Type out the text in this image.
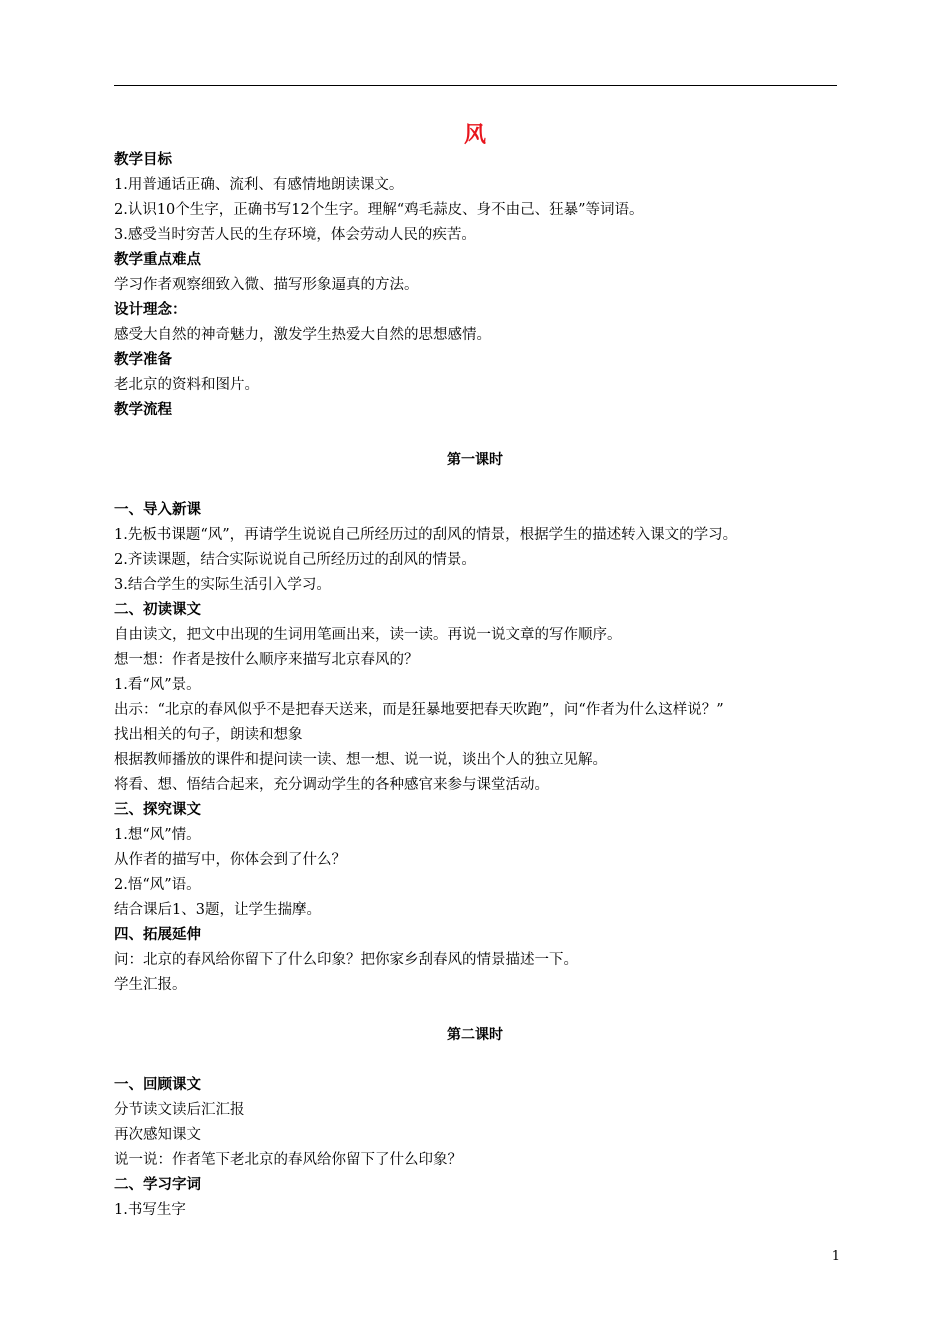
风
教学目标
1.用普通话正确、流利、有感情地朗读课文。
2.认识10个生字，正确书写12个生字。理解“鸡毛蒜皮、身不由己、狂暴”等词语。
3.感受当时穷苦人民的生存环境，体会劳动人民的疾苦。
教学重点难点
学习作者观察细致入微、描写形象逼真的方法。
设计理念：
感受大自然的神奇魅力，激发学生热爱大自然的思想感情。
教学准备
老北京的资料和图片。
教学流程
第一课时
一、导入新课
1.先板书课题“风”，再请学生说说自己所经历过的刮风的情景，根据学生的描述转入课文的学习。
2.齐读课题，结合实际说说自己所经历过的刮风的情景。
3.结合学生的实际生活引入学习。
二、初读课文
自由读文，把文中出现的生词用笔画出来，读一读。再说一说文章的写作顺序。
想一想：作者是按什么顺序来描写北京春风的？
1.看“风”景。
出示：“北京的春风似乎不是把春天送来，而是狂暴地要把春天吹跑”，问“作者为什么这样说？”
找出相关的句子，朗读和想象
根据教师播放的课件和提问读一读、想一想、说一说，谈出个人的独立见解。
将看、想、悟结合起来，充分调动学生的各种感官来参与课堂活动。
三、探究课文
1.想“风”情。
从作者的描写中，你体会到了什么？
2.悟“风”语。
结合课后1、3题，让学生揣摩。
四、拓展延伸
问：北京的春风给你留下了什么印象？把你家乡刮春风的情景描述一下。
学生汇报。
第二课时
一、回顾课文
分节读文读后汇汇报
再次感知课文
说一说：作者笔下老北京的春风给你留下了什么印象？
二、学习字词
1.书写生字
1
